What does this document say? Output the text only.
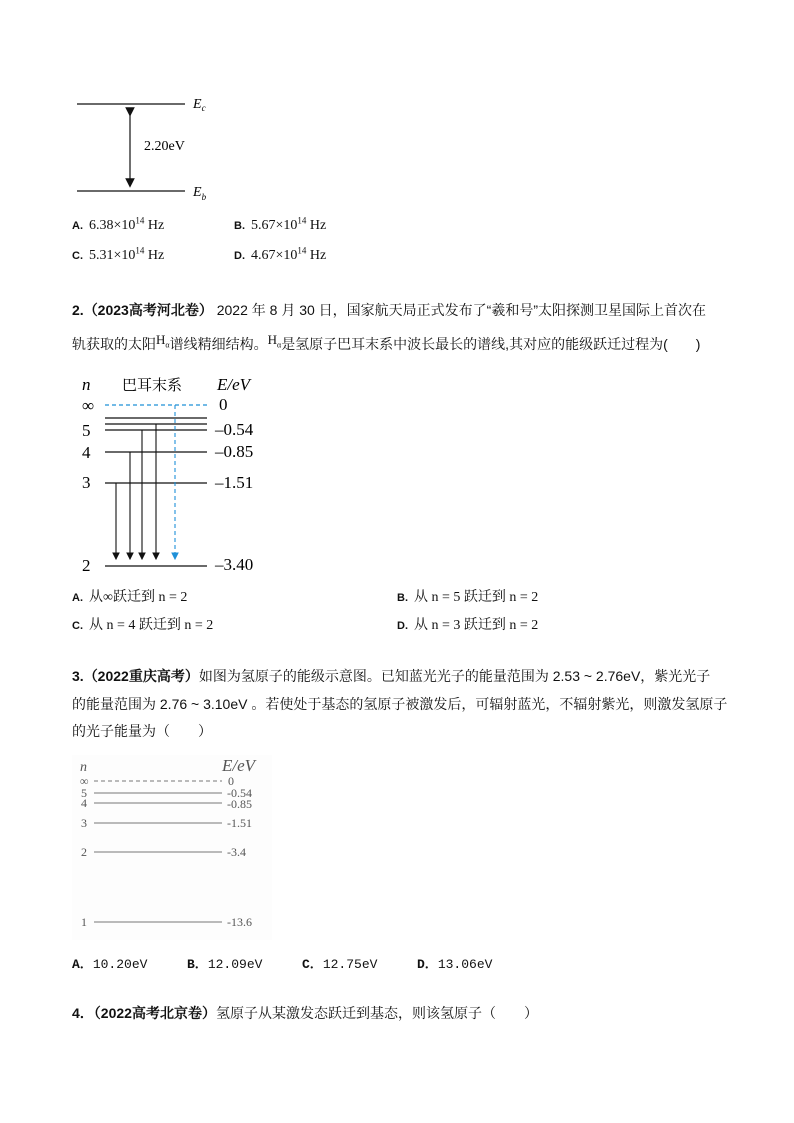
$E_c$
$E_b$
2.20eV
A. $6.38\times 10^{14}$ Hz	B. $5.67\times 10^{14}$ Hz
C. $5.31\times 10^{14}$ Hz	D. $4.67\times 10^{14}$ Hz
2.（2023高考河北卷） 2022 年 8 月 30 日，国家航天局正式发布了“羲和号”太阳探测卫星国际上首次在
轨获取的太阳$H_\alpha$谱线精细结构。$H_\alpha$是氢原子巴耳末系中波长最长的谱线,其对应的能级跃迁过程为(　　)
n 巴耳末系 E/eV
∞
5
4
3
2
0
–0.54
–0.85
–1.51
–3.40
A. 从∞跃迁到 n = 2	B. 从 n = 5 跃迁到 n = 2
C. 从 n = 4 跃迁到 n = 2	D. 从 n = 3 跃迁到 n = 2
3.（2022重庆高考）如图为氢原子的能级示意图。已知蓝光光子的能量范围为 2.53 ~ 2.76eV，紫光光子
的能量范围为 2.76 ~ 3.10eV 。若使处于基态的氢原子被激发后，可辐射蓝光，不辐射紫光，则激发氢原子
的光子能量为（　　）
n	E/eV
∞
5
4
3
2
1
0
-0.54
-0.85
-1.51
-3.4
-13.6
A．10.20eV	B．12.09eV	C．12.75eV	D．13.06eV
4．（2022高考北京卷）氢原子从某激发态跃迁到基态，则该氢原子（　　）
